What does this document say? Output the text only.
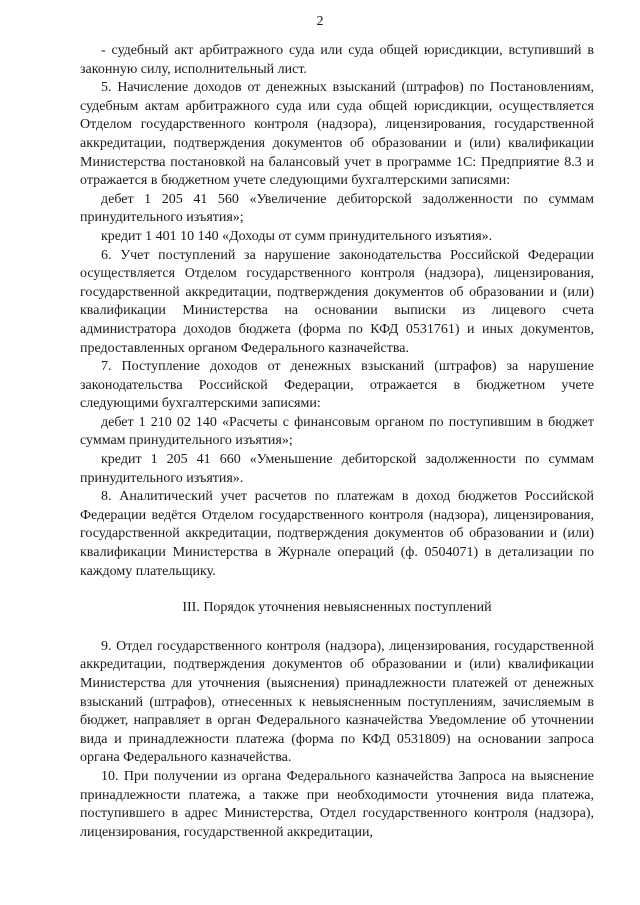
2

- судебный акт арбитражного суда или суда общей юрисдикции, вступивший в законную силу, исполнительный лист.

5. Начисление доходов от денежных взысканий (штрафов) по Постановлениям, судебным актам арбитражного суда или суда общей юрисдикции, осуществляется Отделом государственного контроля (надзора), лицензирования, государственной аккредитации, подтверждения документов об образовании и (или) квалификации Министерства постановкой на балансовый учет в программе 1С: Предприятие 8.3 и отражается в бюджетном учете следующими бухгалтерскими записями:

дебет 1 205 41 560 «Увеличение дебиторской задолженности по суммам принудительного изъятия»;

кредит 1 401 10 140 «Доходы от сумм принудительного изъятия».

6. Учет поступлений за нарушение законодательства Российской Федерации осуществляется Отделом государственного контроля (надзора), лицензирования, государственной аккредитации, подтверждения документов об образовании и (или) квалификации Министерства на основании выписки из лицевого счета администратора доходов бюджета (форма по КФД 0531761) и иных документов, предоставленных органом Федерального казначейства.

7. Поступление доходов от денежных взысканий (штрафов) за нарушение законодательства Российской Федерации, отражается в бюджетном учете следующими бухгалтерскими записями:

дебет 1 210 02 140 «Расчеты с финансовым органом по поступившим в бюджет суммам принудительного изъятия»;

кредит 1 205 41 660 «Уменьшение дебиторской задолженности по суммам принудительного изъятия».

8. Аналитический учет расчетов по платежам в доход бюджетов Российской Федерации ведётся Отделом государственного контроля (надзора), лицензирования, государственной аккредитации, подтверждения документов об образовании и (или) квалификации Министерства в Журнале операций (ф. 0504071) в детализации по каждому плательщику.

III. Порядок уточнения невыясненных поступлений

9. Отдел государственного контроля (надзора), лицензирования, государственной аккредитации, подтверждения документов об образовании и (или) квалификации Министерства для уточнения (выяснения) принадлежности платежей от денежных взысканий (штрафов), отнесенных к невыясненным поступлениям, зачисляемым в бюджет, направляет в орган Федерального казначейства Уведомление об уточнении вида и принадлежности платежа (форма по КФД 0531809) на основании запроса органа Федерального казначейства.

10. При получении из органа Федерального казначейства Запроса на выяснение принадлежности платежа, а также при необходимости уточнения вида платежа, поступившего в адрес Министерства, Отдел государственного контроля (надзора), лицензирования, государственной аккредитации,
